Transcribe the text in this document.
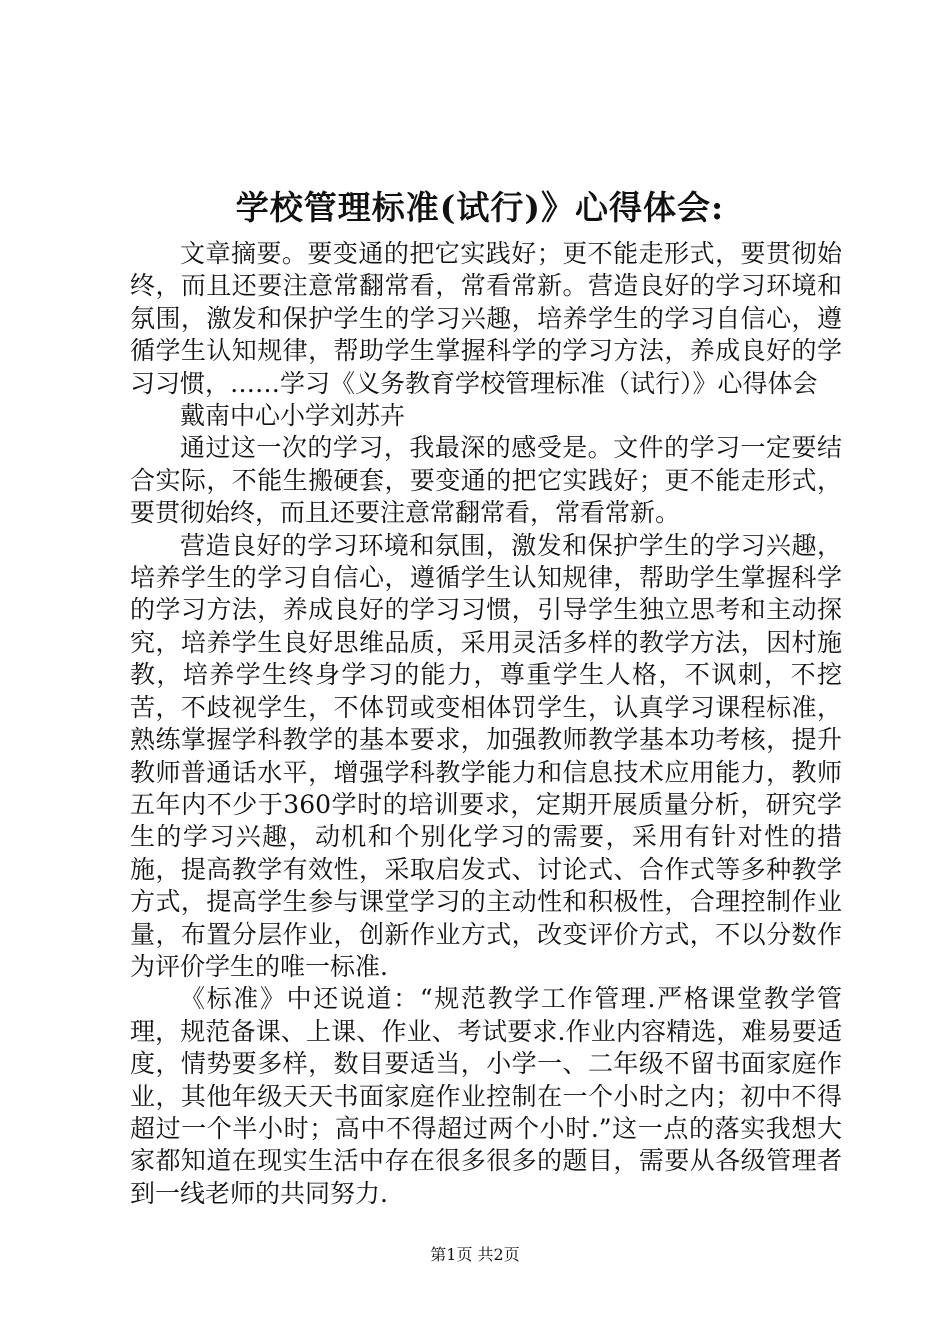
学校管理标准(试行)》心得体会:

文章摘要。要变通的把它实践好；更不能走形式，要贯彻始终，而且还要注意常翻常看，常看常新。营造良好的学习环境和氛围，激发和保护学生的学习兴趣，培养学生的学习自信心，遵循学生认知规律，帮助学生掌握科学的学习方法，养成良好的学习习惯，……学习《义务教育学校管理标准（试行）》心得体会

戴南中心小学刘苏卉

通过这一次的学习，我最深的感受是。文件的学习一定要结合实际，不能生搬硬套，要变通的把它实践好；更不能走形式，要贯彻始终，而且还要注意常翻常看，常看常新。

营造良好的学习环境和氛围，激发和保护学生的学习兴趣，培养学生的学习自信心，遵循学生认知规律，帮助学生掌握科学的学习方法，养成良好的学习习惯，引导学生独立思考和主动探究，培养学生良好思维品质，采用灵活多样的教学方法，因村施教，培养学生终身学习的能力，尊重学生人格，不讽刺，不挖苦，不歧视学生，不体罚或变相体罚学生，认真学习课程标准，熟练掌握学科教学的基本要求，加强教师教学基本功考核，提升教师普通话水平，增强学科教学能力和信息技术应用能力，教师五年内不少于360学时的培训要求，定期开展质量分析，研究学生的学习兴趣，动机和个别化学习的需要，采用有针对性的措施，提高教学有效性，采取启发式、讨论式、合作式等多种教学方式，提高学生参与课堂学习的主动性和积极性，合理控制作业量，布置分层作业，创新作业方式，改变评价方式，不以分数作为评价学生的唯一标准.

《标准》中还说道：“规范教学工作管理.严格课堂教学管理，规范备课、上课、作业、考试要求.作业内容精选，难易要适度，情势要多样，数目要适当，小学一、二年级不留书面家庭作业，其他年级天天书面家庭作业控制在一个小时之内；初中不得超过一个半小时；高中不得超过两个小时.”这一点的落实我想大家都知道在现实生活中存在很多很多的题目，需要从各级管理者到一线老师的共同努力.

第1页 共2页
